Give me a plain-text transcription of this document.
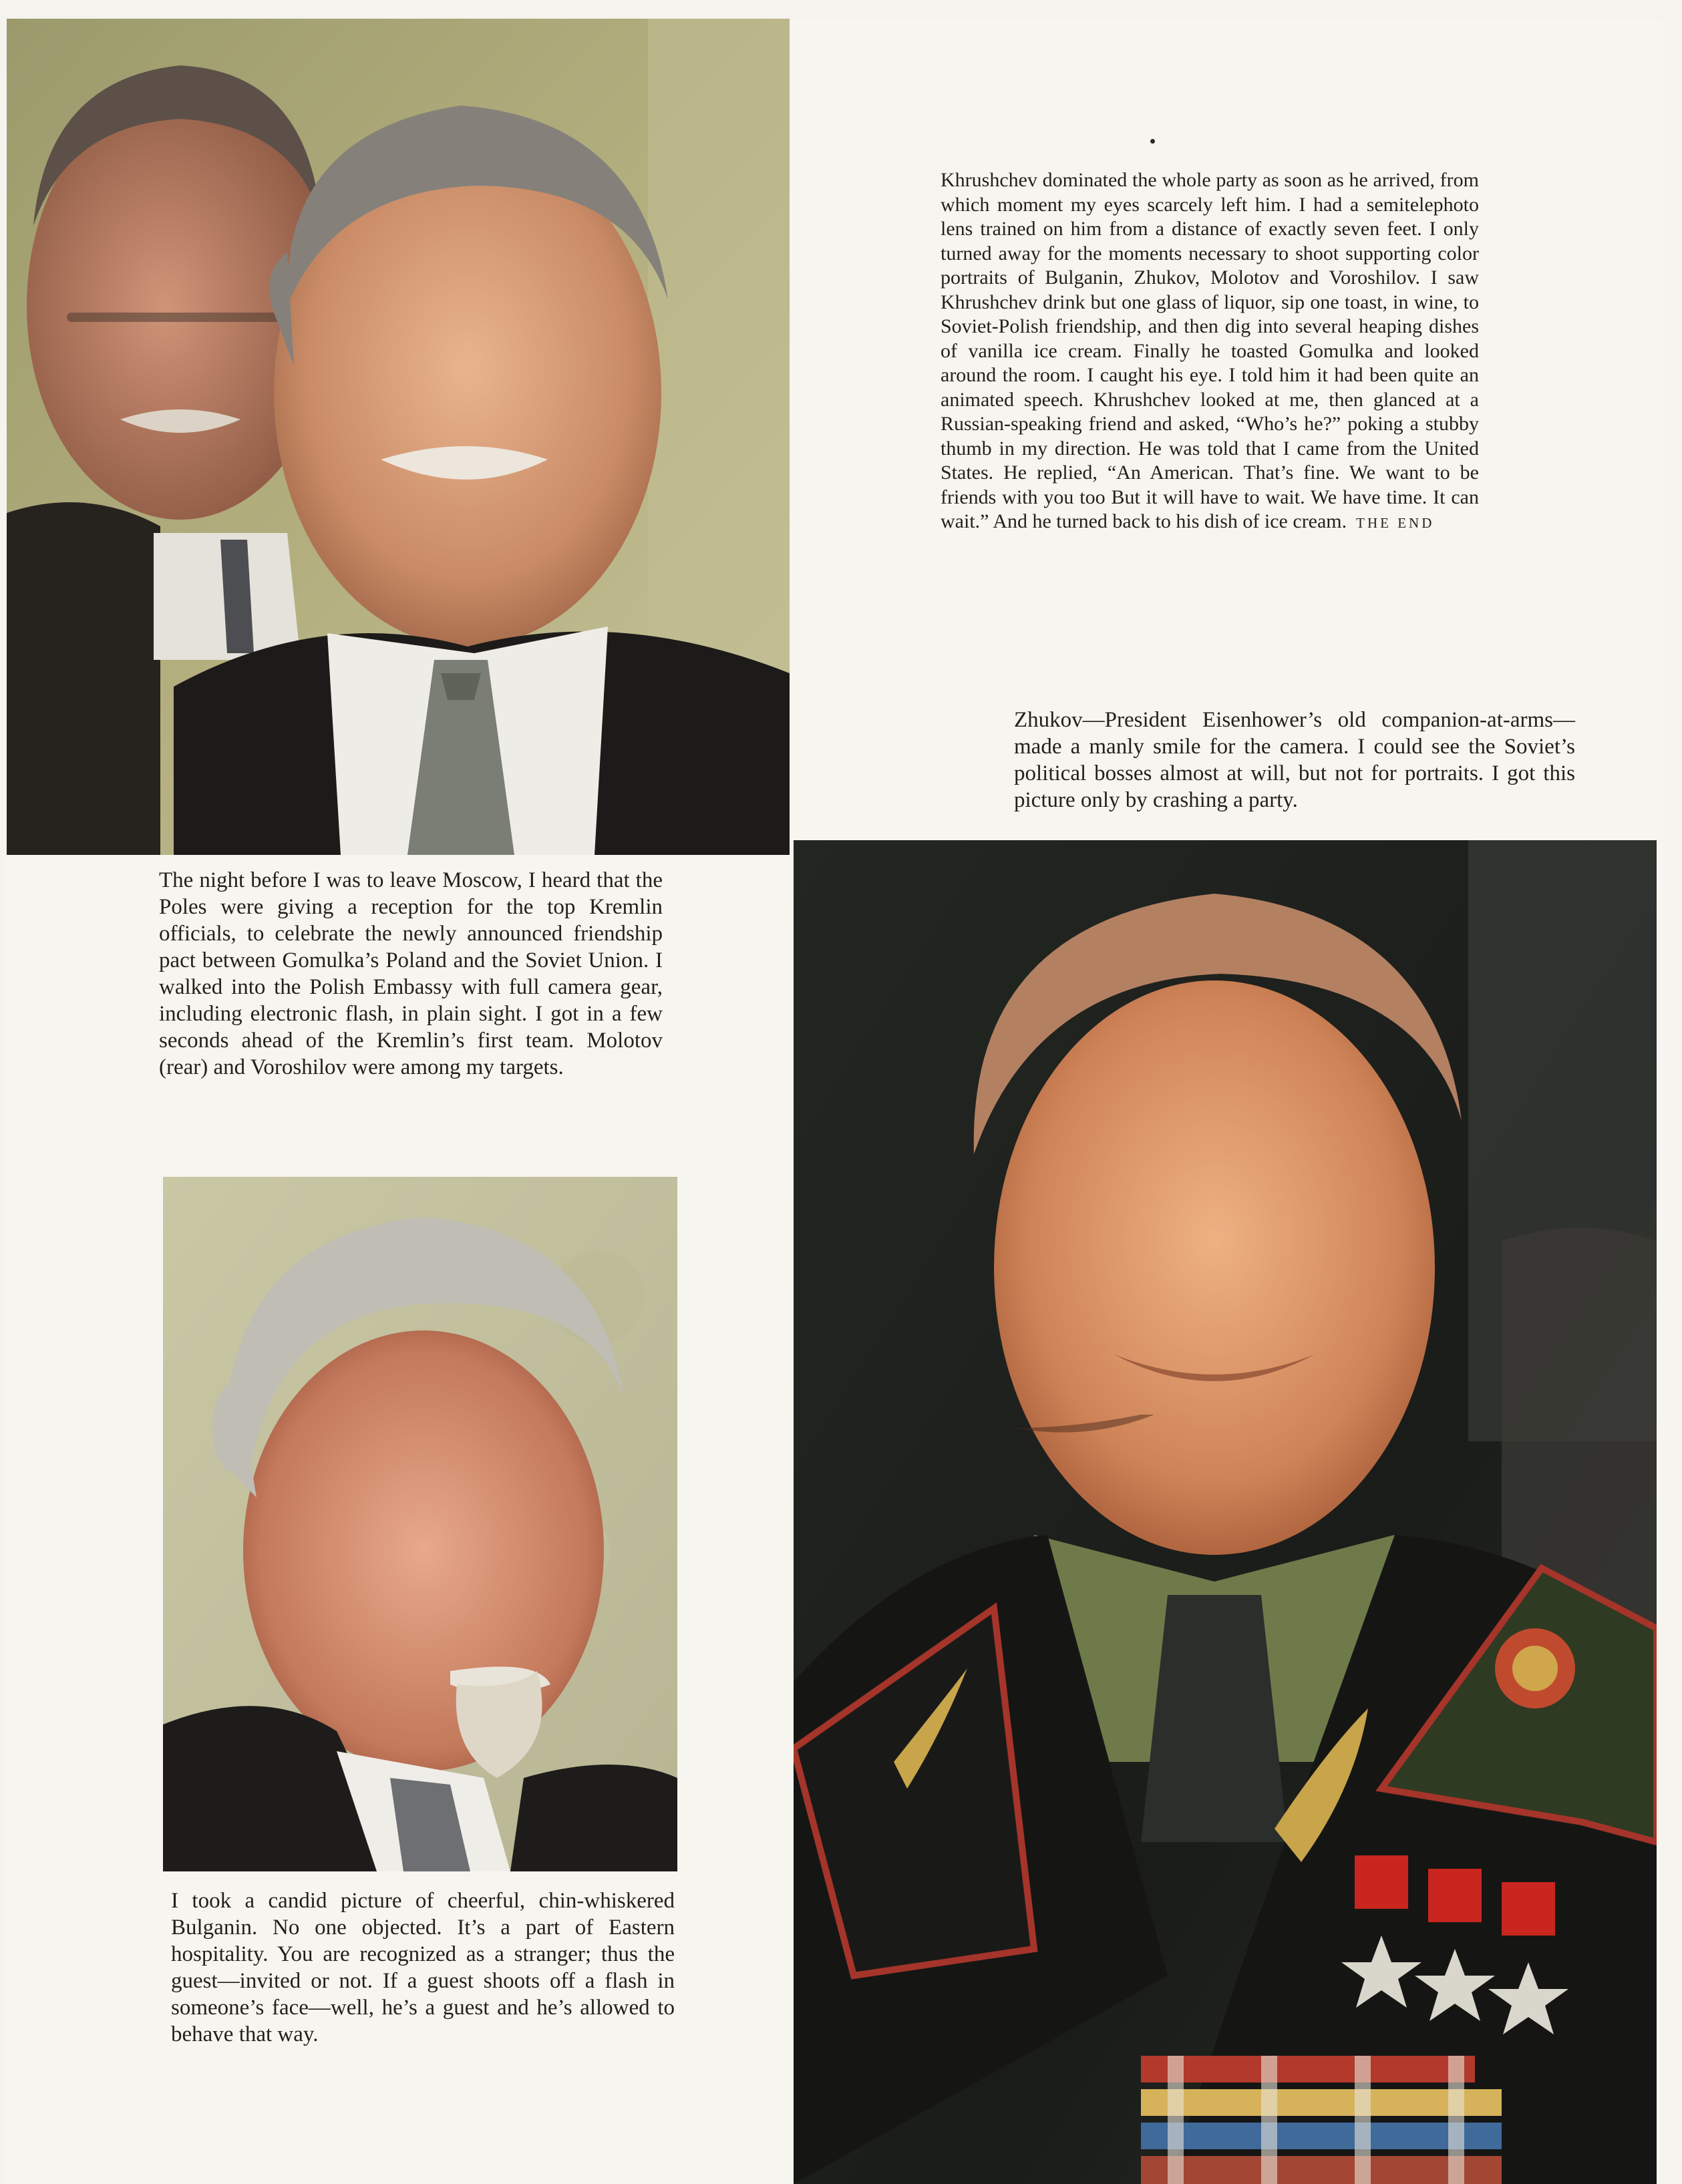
Khrushchev dominated the whole party as soon as he arrived, from which moment my eyes scarcely left him. I had a semitelephoto lens trained on him from a distance of exactly seven feet. I only turned away for the moments necessary to shoot supporting color portraits of Bulganin, Zhukov, Molotov and Voroshilov. I saw Khrushchev drink but one glass of liquor, sip one toast, in wine, to Soviet-Polish friendship, and then dig into several heaping dishes of vanilla ice cream. Finally he toasted Gomulka and looked around the room. I caught his eye. I told him it had been quite an animated speech. Khrushchev looked at me, then glanced at a Russian-speaking friend and asked, “Who’s he?” poking a stubby thumb in my direction. He was told that I came from the United States. He replied, “An American. That’s fine. We want to be friends with you too But it will have to wait. We have time. It can wait.” And he turned back to his dish of ice cream. THE END

Zhukov—President Eisenhower’s old companion-at-arms—made a manly smile for the camera. I could see the Soviet’s political bosses almost at will, but not for portraits. I got this picture only by crashing a party.

The night before I was to leave Moscow, I heard that the Poles were giving a reception for the top Kremlin officials, to celebrate the newly announced friendship pact between Gomulka’s Poland and the Soviet Union. I walked into the Polish Embassy with full camera gear, including electronic flash, in plain sight. I got in a few seconds ahead of the Kremlin’s first team. Molotov (rear) and Voroshilov were among my targets.

I took a candid picture of cheerful, chin-whiskered Bulganin. No one objected. It’s a part of Eastern hospitality. You are recognized as a stranger; thus the guest—invited or not. If a guest shoots off a flash in someone’s face—well, he’s a guest and he’s allowed to behave that way.
